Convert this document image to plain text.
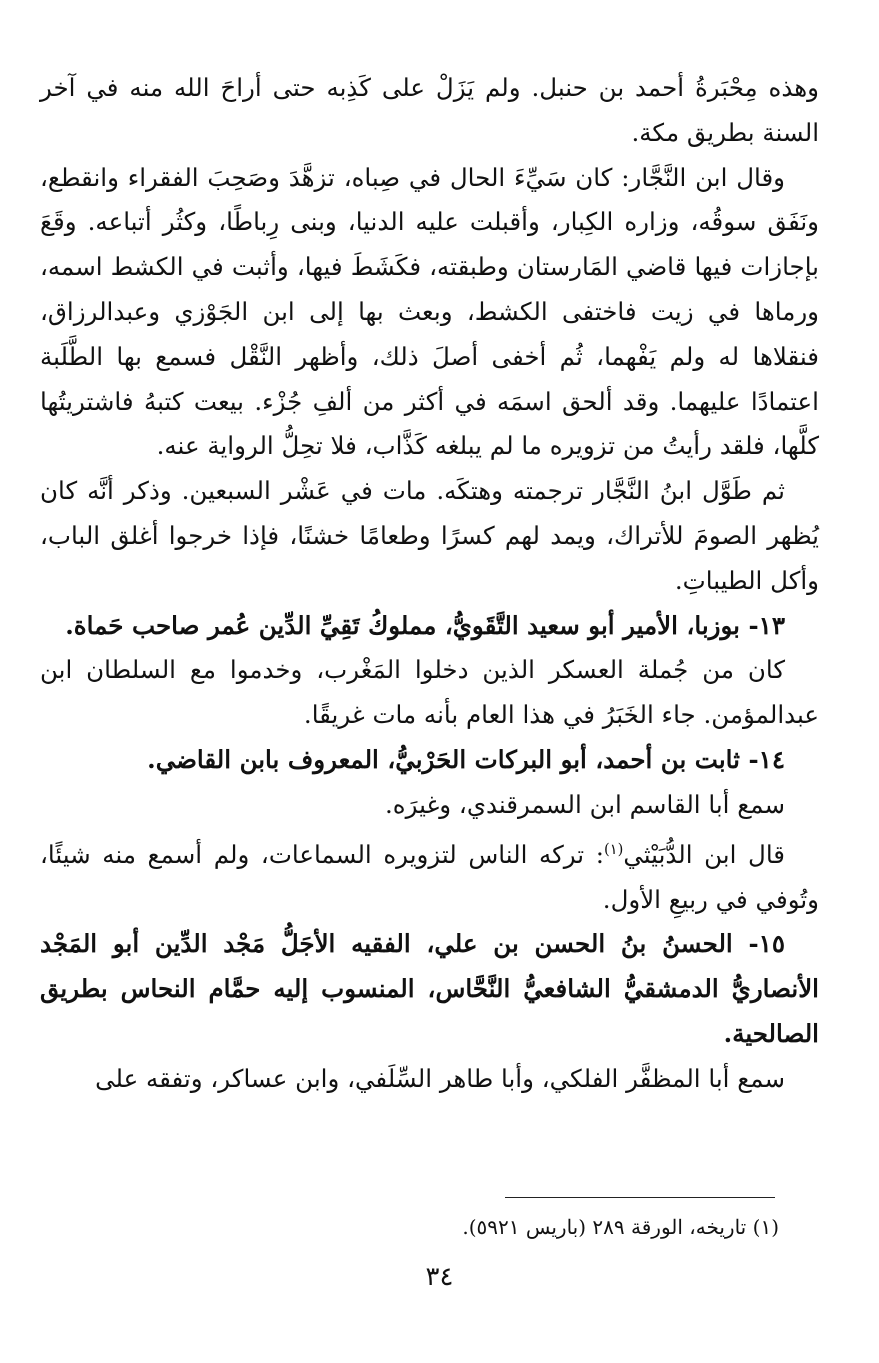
وهذه مِحْبَرةُ أحمد بن حنبل. ولم يَزَلْ على كَذِبه حتى أراحَ الله منه في آخر السنة بطريق مكة.

وقال ابن النَّجَّار: كان سَيِّءَ الحال في صِباه، تزهَّدَ وصَحِبَ الفقراء وانقطع، ونَفَق سوقُه، وزاره الكِبار، وأقبلت عليه الدنيا، وبنى رِباطًا، وكثُر أتباعه. وقَعَ بإجازات فيها قاضي المَارستان وطبقته، فكَشَطَ فيها، وأثبت في الكشط اسمه، ورماها في زيت فاختفى الكشط، وبعث بها إلى ابن الجَوْزي وعبدالرزاق، فنقلاها له ولم يَفْهما، ثُم أخفى أصلَ ذلك، وأظهر النَّقْل فسمع بها الطَّلَبة اعتمادًا عليهما. وقد ألحق اسمَه في أكثر من ألفِ جُزْء. بيعت كتبهُ فاشتريتُها كلَّها، فلقد رأيتُ من تزويره ما لم يبلغه كَذَّاب، فلا تحِلُّ الرواية عنه.

ثم طَوَّل ابنُ النَّجَّار ترجمته وهتكَه. مات في عَشْر السبعين. وذكر أنَّه كان يُظهر الصومَ للأتراك، ويمد لهم كسرًا وطعامًا خشنًا، فإذا خرجوا أغلق الباب، وأكل الطيباتِ.

١٣- بوزبا، الأمير أبو سعيد التَّقَويُّ، مملوكُ تَقِيِّ الدِّين عُمر صاحب حَماة.

كان من جُملة العسكر الذين دخلوا المَغْرب، وخدموا مع السلطان ابن عبدالمؤمن. جاء الخَبَرُ في هذا العام بأنه مات غريقًا.

١٤- ثابت بن أحمد، أبو البركات الحَرْبيُّ، المعروف بابن القاضي.

سمع أبا القاسم ابن السمرقندي، وغيرَه.

قال ابن الدُّبَيْثي$^{(١)}$: تركه الناس لتزويره السماعات، ولم أسمع منه شيئًا، وتُوفي في ربيعِ الأول.

١٥- الحسنُ بنُ الحسن بن علي، الفقيه الأجَلُّ مَجْد الدِّين أبو المَجْد الأنصاريُّ الدمشقيُّ الشافعيُّ النَّحَّاس، المنسوب إليه حمَّام النحاس بطريق الصالحية.

سمع أبا المظفَّر الفلكي، وأبا طاهر السِّلَفي، وابن عساكر، وتفقه على

(١) تاريخه، الورقة ٢٨٩ (باريس ٥٩٢١).
٣٤
